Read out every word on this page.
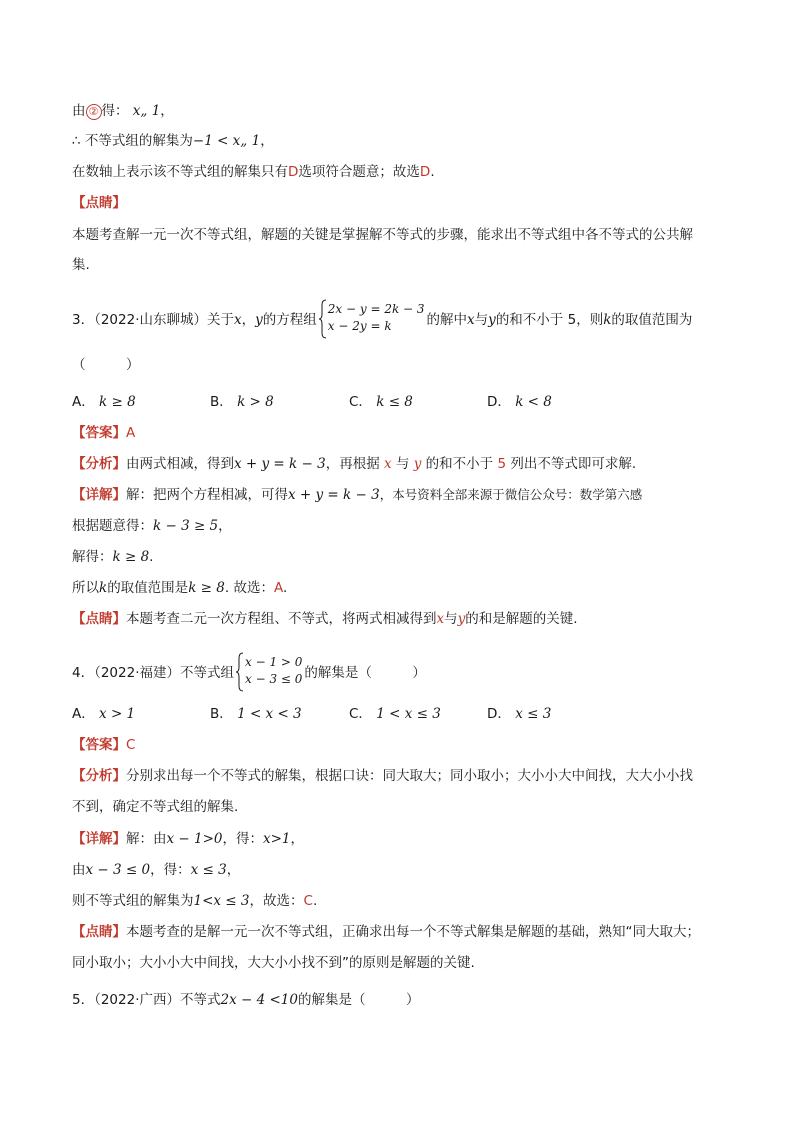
由 ② 得： x„ 1，
∴ 不等式组的解集为−1 < x„ 1，
在数轴上表示该不等式组的解集只有D选项符合题意；故选D.
【点睛】
本题考查解一元一次不等式组，解题的关键是掌握解不等式的步骤，能求出不等式组中各不等式的公共解
集.
3．（2022·山东聊城）关于x，y的方程组
2x − y = 2k − 3
x − 2y = k	的解中x与y的和不小于 5，则k的取值范围为
（　　　）
A． k ≥ 8	B． k > 8	C． k ≤ 8	D． k < 8
【答案】A
【分析】由两式相减，得到x + y = k − 3，再根据 x 与 y 的和不小于 5 列出不等式即可求解.
【详解】解：把两个方程相减，可得x + y = k − 3，本号资料全部来源于微信公众号：数学第六感
根据题意得：k − 3 ≥ 5，
解得：k ≥ 8.
所以k的取值范围是k ≥ 8. 故选：A.
【点睛】本题考查二元一次方程组、不等式，将两式相减得到x与y的和是解题的关键.
4．（2022·福建）不等式组
x − 1 > 0
x − 3 ≤ 0 的解集是（　　　）
A． x > 1	B． 1 < x < 3	C． 1 < x ≤ 3	D． x ≤ 3
【答案】C
【分析】分别求出每一个不等式的解集，根据口诀：同大取大；同小取小；大小小大中间找，大大小小找
不到，确定不等式组的解集.
【详解】解：由x − 1>0，得：x>1，
由x − 3 ≤ 0，得：x ≤ 3，
则不等式组的解集为1<x ≤ 3，故选：C.
【点睛】本题考查的是解一元一次不等式组，正确求出每一个不等式解集是解题的基础，熟知“同大取大；
同小取小；大小小大中间找，大大小小找不到”的原则是解题的关键.
5．（2022·广西）不等式2x − 4 <10的解集是（　　　）
